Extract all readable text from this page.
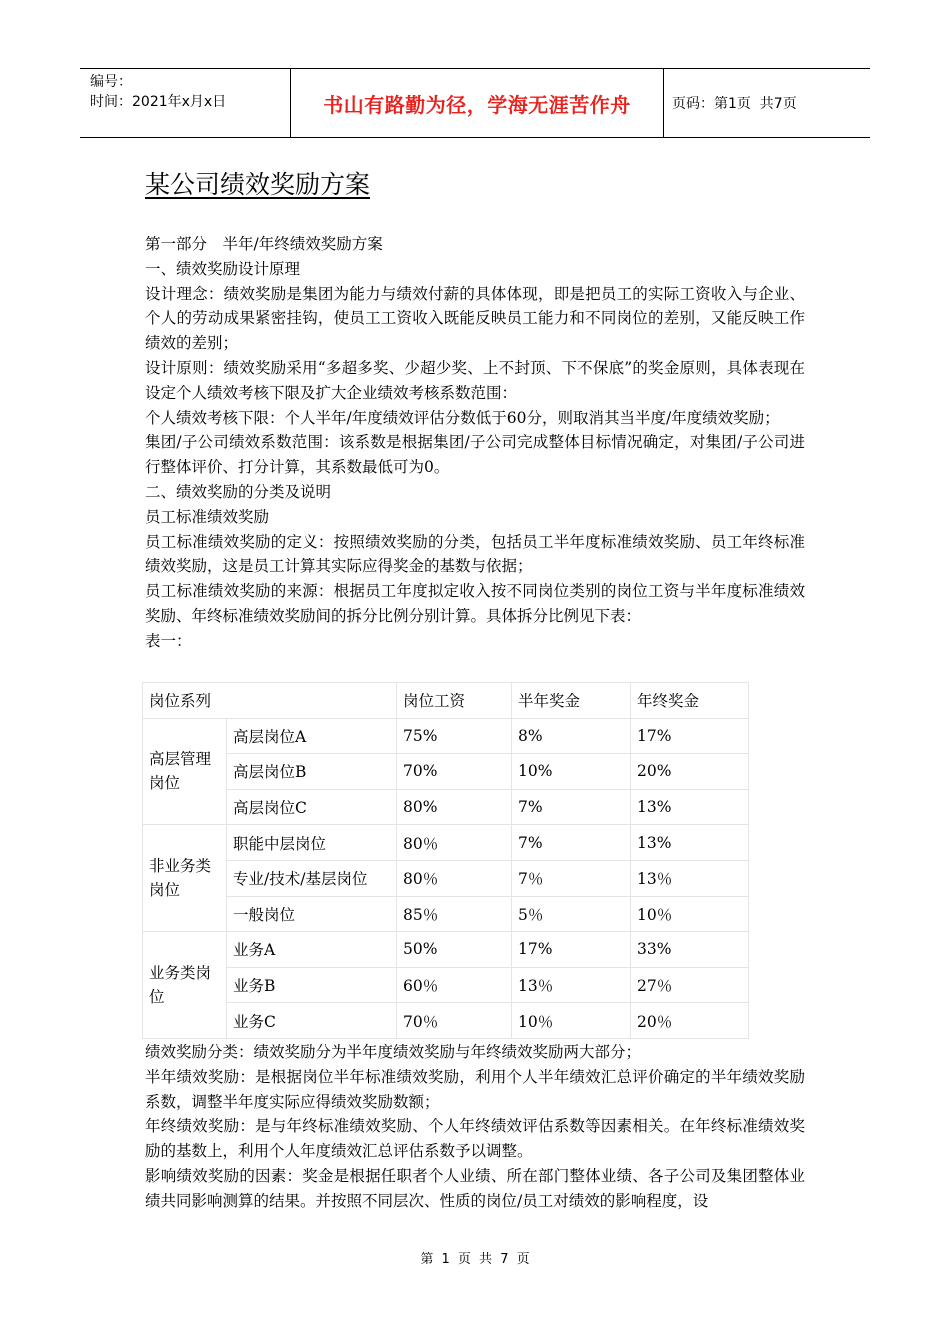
编号：
时间：2021年x月x日	书山有路勤为径，学海无涯苦作舟	页码：第1页  共7页
某公司绩效奖励方案

第一部分　半年/年终绩效奖励方案

一、绩效奖励设计原理

设计理念：绩效奖励是集团为能力与绩效付薪的具体体现，即是把员工的实际工资收入与企业、个人的劳动成果紧密挂钩，使员工工资收入既能反映员工能力和不同岗位的差别，又能反映工作绩效的差别；

设计原则：绩效奖励采用“多超多奖、少超少奖、上不封顶、下不保底”的奖金原则，具体表现在设定个人绩效考核下限及扩大企业绩效考核系数范围：

个人绩效考核下限：个人半年/年度绩效评估分数低于60分，则取消其当半度/年度绩效奖励；

集团/子公司绩效系数范围：该系数是根据集团/子公司完成整体目标情况确定，对集团/子公司进行整体评价、打分计算，其系数最低可为0。

二、绩效奖励的分类及说明

员工标准绩效奖励

员工标准绩效奖励的定义：按照绩效奖励的分类，包括员工半年度标准绩效奖励、员工年终标准绩效奖励，这是员工计算其实际应得奖金的基数与依据；

员工标准绩效奖励的来源：根据员工年度拟定收入按不同岗位类别的岗位工资与半年度标准绩效奖励、年终标准绩效奖励间的拆分比例分别计算。具体拆分比例见下表：

表一：

岗位系列		岗位工资	半年奖金	年终奖金
高层管理岗位	高层岗位A	75%	8%	17%
	高层岗位B	70%	10%	20%
	高层岗位C	80%	7%	13%
非业务类岗位	职能中层岗位	80％	7%	13%
	专业/技术/基层岗位	80％	7％	13％
	一般岗位	85％	5％	10％
业务类岗位	业务A	50%	17%	33%
	业务B	60％	13％	27％
	业务C	70％	10％	20％

绩效奖励分类：绩效奖励分为半年度绩效奖励与年终绩效奖励两大部分；

半年绩效奖励：是根据岗位半年标准绩效奖励，利用个人半年绩效汇总评价确定的半年绩效奖励系数，调整半年度实际应得绩效奖励数额；

年终绩效奖励：是与年终标准绩效奖励、个人年终绩效评估系数等因素相关。在年终标准绩效奖励的基数上，利用个人年度绩效汇总评估系数予以调整。

影响绩效奖励的因素：奖金是根据任职者个人业绩、所在部门整体业绩、各子公司及集团整体业绩共同影响测算的结果。并按照不同层次、性质的岗位/员工对绩效的影响程度，设

第 1 页 共 7 页
